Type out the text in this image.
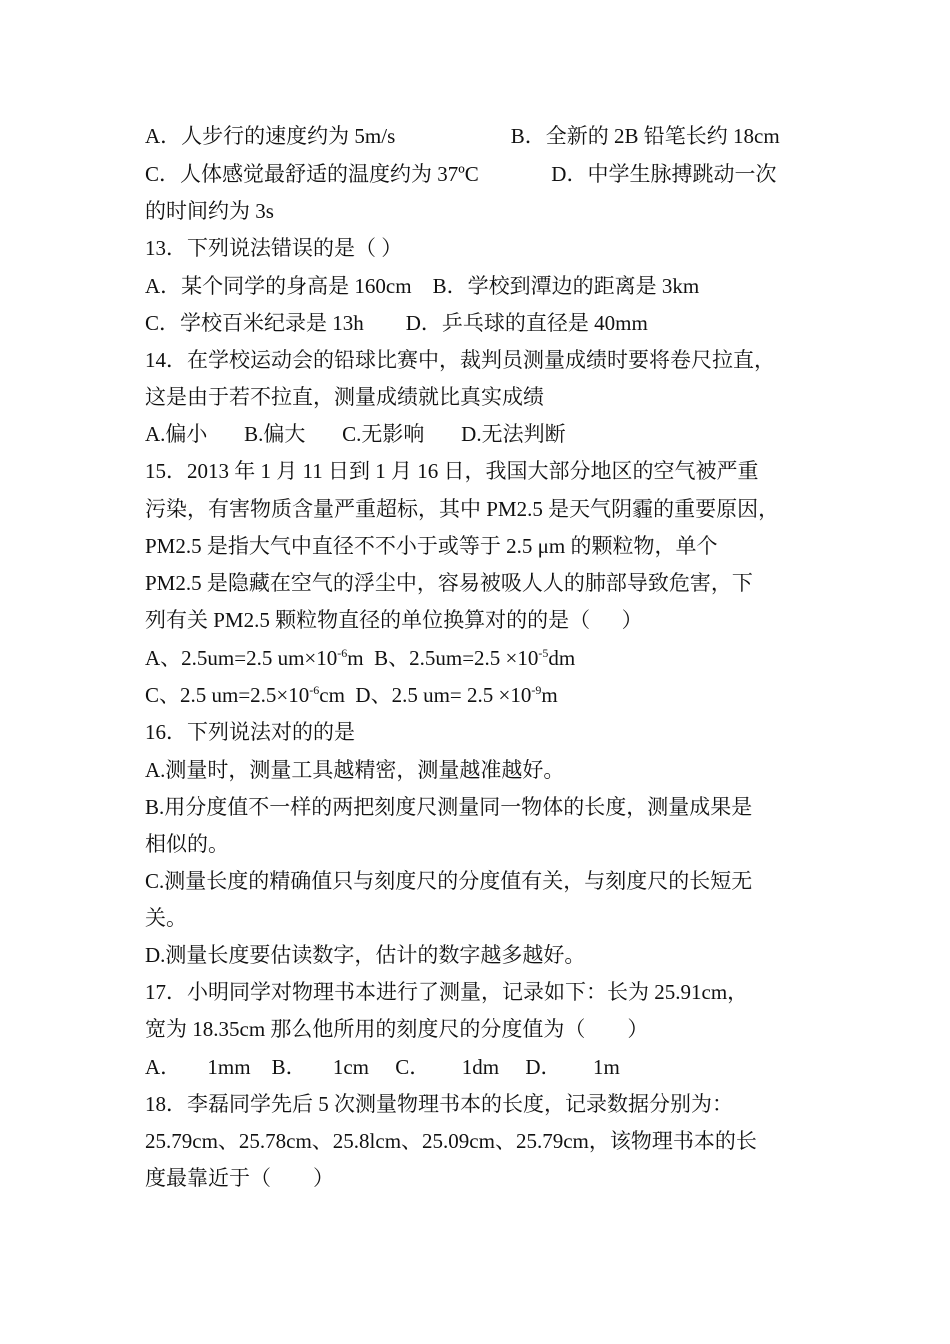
A．人步行的速度约为 5m/s	B．全新的 2B 铅笔长约 18cm
C．人体感觉最舒适的温度约为 37ºC	D．中学生脉搏跳动一次
的时间约为 3s
13．下列说法错误的是（ ）
A．某个同学的身高是 160cm    B．学校到潭边的距离是 3km
C．学校百米纪录是 13h        D．乒乓球的直径是 40mm
14．在学校运动会的铅球比赛中，裁判员测量成绩时要将卷尺拉直，
这是由于若不拉直，测量成绩就比真实成绩
A.偏小       B.偏大       C.无影响       D.无法判断
15．2013 年 1 月 11 日到 1 月 16 日，我国大部分地区的空气被严重
污染，有害物质含量严重超标，其中 PM2.5 是天气阴霾的重要原因，
PM2.5 是指大气中直径不不小于或等于 2.5 μm 的颗粒物，单个
PM2.5 是隐藏在空气的浮尘中，容易被吸人人的肺部导致危害，下
列有关 PM2.5 颗粒物直径的单位换算对的的是（      ）
A、2.5um=2.5 $um\times 10^{-6}m$  B、$2.5um=2.5 \times 10^{-5}dm$
C、2.5 $um=2.5\times 10^{-6}cm$  D、2.5 $um= 2.5 \times 10^{-9}m$
16．下列说法对的的是
A.测量时，测量工具越精密，测量越准越好。
B.用分度值不一样的两把刻度尺测量同一物体的长度，测量成果是
相似的。
C.测量长度的精确值只与刻度尺的分度值有关，与刻度尺的长短无
关。
D.测量长度要估读数字，估计的数字越多越好。
17．小明同学对物理书本进行了测量，记录如下：长为 25.91cm，
宽为 18.35cm 那么他所用的刻度尺的分度值为（        ）
A．     1mm    B．     1cm     C．      1dm     D．      1m
18．李磊同学先后 5 次测量物理书本的长度，记录数据分别为：
25.79cm、25.78cm、25.8lcm、25.09cm、25.79cm，该物理书本的长
度最靠近于（        ）
